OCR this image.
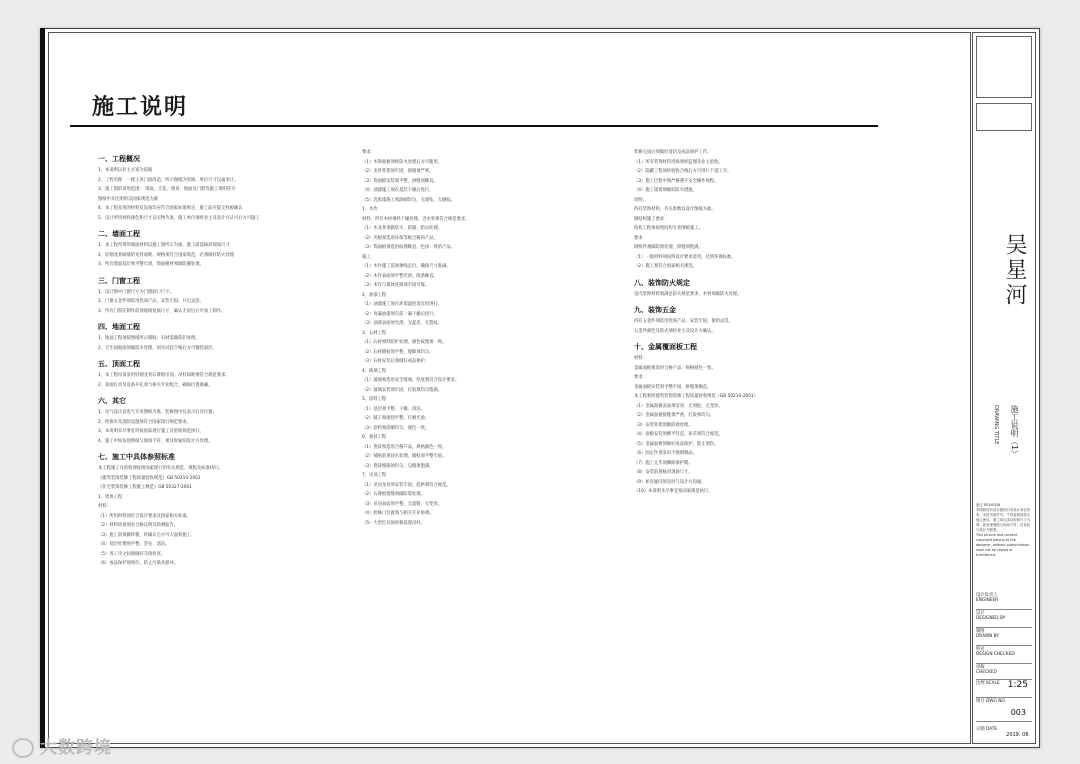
施工说明
一、工程概况
1、本说明以业主方案为依据
2、工程名称：一楼王泽门面改造，所示图纸为装修，单位尺寸以毫米计。
3、施工图的适用范围： 饰面、天花、墙身、地面及门窗等施工说明符号
图纸中未注明的以国家规范为准
4、本工程采用的材料及设备均应符合国家标准规定，施工前应提交样板确认
5、设计所用材料颜色和尺寸以实物为准，施工单位须经业主及设计方认可后方可施工
二、墙面工程
1、本工程所用的墙面材料以施工图所示为准，施工前需核对现场尺寸
2、轻钢龙骨隔墙的龙骨间距、规格须符合国家规范，必须做好防火处理
3、所有墙面基层须平整牢固，饰面板材须做防潮处理。
三、门窗工程
1、设计图中门窗尺寸为门窗洞口尺寸。
2、门窗五金件须选用优质产品，安装牢固，开启灵活。
3、所有门窗在制作前须现场复核尺寸，确认无误后方可加工制作。
四、地面工程
1、地面工程须按图纸所示铺贴，石材需做防护处理。
2、卫生间地面须做防水处理，闭水试验合格后方可铺装面层。
五、顶面工程
1、本工程吊顶采用轻钢龙骨石膏板吊顶，吊杆间距须符合规范要求。
2、顶面灯具及设备开孔须与相关专业配合，确保位置准确。
六、其它
1、电气设计以电气专业图纸为准，装修图中仅表示灯具位置。
2、给排水及消防设施须符合国家现行规范要求。
3、本说明未尽事宜均按国家现行施工及验收规范执行。
4、施工中如发现图纸与现场不符，须及时通知设计方处理。
七、施工中具体参照标准
本工程施工及验收须按照国家现行的有关规范、规程及标准执行。
《建筑装饰装修工程质量验收规范》GB 50210-2001
《住宅装饰装修工程施工规范》GB 50327-2001
1、墙体工程
材料：
（1）所用材料须符合设计要求及国家相关标准。
（2）材料进场须有合格证明及检测报告。
（3）施工前须做样板，经确认后方可大面积施工。
（4）基层处理须平整、坚实、清洁。
（5）各工序之间须做好交接检查。
（6）成品保护须到位，防止污染及损坏。
要求：
（1）木饰面板须经防火处理后方可使用。
（2）龙骨骨架须牢固，接缝须严密。
（3）饰面板安装须平整，拼缝须顺直。
（4）油漆施工须在基层干燥后进行。
（5）乳胶漆施工须涂刷均匀，无流坠、无刷纹。
1、木作
材料：所有木材须经干燥处理，含水率须符合规范要求。
（1）木龙骨须做防火、防腐、防虫处理。
（2）夹板须选用环保等级合格的产品。
（3）饰面板须选用纹理顺直、色泽一致的产品。
施工：
（1）木作施工前须弹线定位，确保尺寸准确。
（2）木作表面须平整光滑，线条顺直。
（3）木作与墙体连接须牢固可靠。
2、油漆工程
（1）油漆施工须在环境温度适宜时进行。
（2）每遍油漆须在前一遍干燥后进行。
（3）油漆表面须光滑，无起皮、无裂纹。
3、石材工程
（1）石材须经防护处理，颜色纹理须一致。
（2）石材铺贴须平整，缝隙须均匀。
（3）石材安装后须做好成品保护。
4、玻璃工程
（1）玻璃须选用安全玻璃，厚度须符合设计要求。
（2）玻璃安装须牢固，打胶须均匀饱满。
5、涂料工程
（1）基层须平整、干燥、清洁。
（2）腻子须批刮平整，打磨光滑。
（3）涂料须涂刷均匀，颜色一致。
6、瓷砖工程
（1）瓷砖须选用合格产品，规格颜色一致。
（2）铺贴前须浸水处理，铺贴须平整牢固。
（3）瓷砖缝隙须均匀，勾缝须饱满。
7、吊顶工程
（1）吊顶龙骨须安装牢固，起拱须符合规范。
（2）石膏板接缝须做防裂处理。
（3）吊顶表面须平整，无裂缝、无变形。
（4）检修口位置须与相关专业协调。
（5）大型灯具须单独设置吊杆。
装修完成后须做好清洁及成品保护工作。
（1）所有装饰材料进场须经监理及业主验收。
（2）隐蔽工程须经验收合格后方可进行下道工序。
（3）施工过程中须严格遵守安全操作规程。
（4）施工现场须做好防火措施。
说明：
所有装饰材料，有关参数以设计图纸为准。
钢结构施工要求：
结构工程须按照结构专业图纸施工。
要求：
钢构件须做防锈处理，焊缝须饱满。
（1）一般材料须按照设计要求选用，达到环保标准。
（2）施工须符合国家相关规范。
八、装饰防火规定
室内装饰材料须满足防火规范要求，木材须做防火处理。
九、装饰五金
所有五金件须选用优质产品，安装牢固，使用灵活。
五金件颜色及款式须经业主及设计方确认。
十、金属覆面板工程
材料：
金属面板须选用合格产品，规格颜色一致。
要求：
金属面板安装须平整牢固，拼缝须顺直。
本工程参照建筑装饰装修工程质量验收规范（GB 50210-2001）
（1）金属面板表面须洁净，无划痕、无变形。
（2）金属面板接缝须严密，打胶须均匀。
（3）安装骨架须做防锈处理。
（4）面板安装须横平竖直，误差须符合规范。
（5）金属面板须做好成品保护，防止划伤。
（6）固定件须采用不锈钢制品。
（7）施工完毕须撕除保护膜。
（8）安装前须核对现场尺寸。
（9）如有疑问须及时与设计方沟通。
（10）本说明未尽事宜按国家规范执行。
吴星河
施工说明（1）
DRAWING TITLE
备注 REVISION
本图纸所有设计版权归本设计单位所有，未经书面许可，不得复制或转让他人使用。施工单位须以现场尺寸为准，如发现图纸与现场不符，应及时与设计方联系。
This picture and content copyright belong to the designer, without authorization shall not be copied or transferred.
设计负责人
ENGINEER
设计
DESIGNED BY
制图
DRAWN BY
校对
DESIGN CHECKED
审核
CHECKED
比例 SCALE 1:25
图号 DWG NO.
003
日期 DATE
2019. 08.
大数跨境
